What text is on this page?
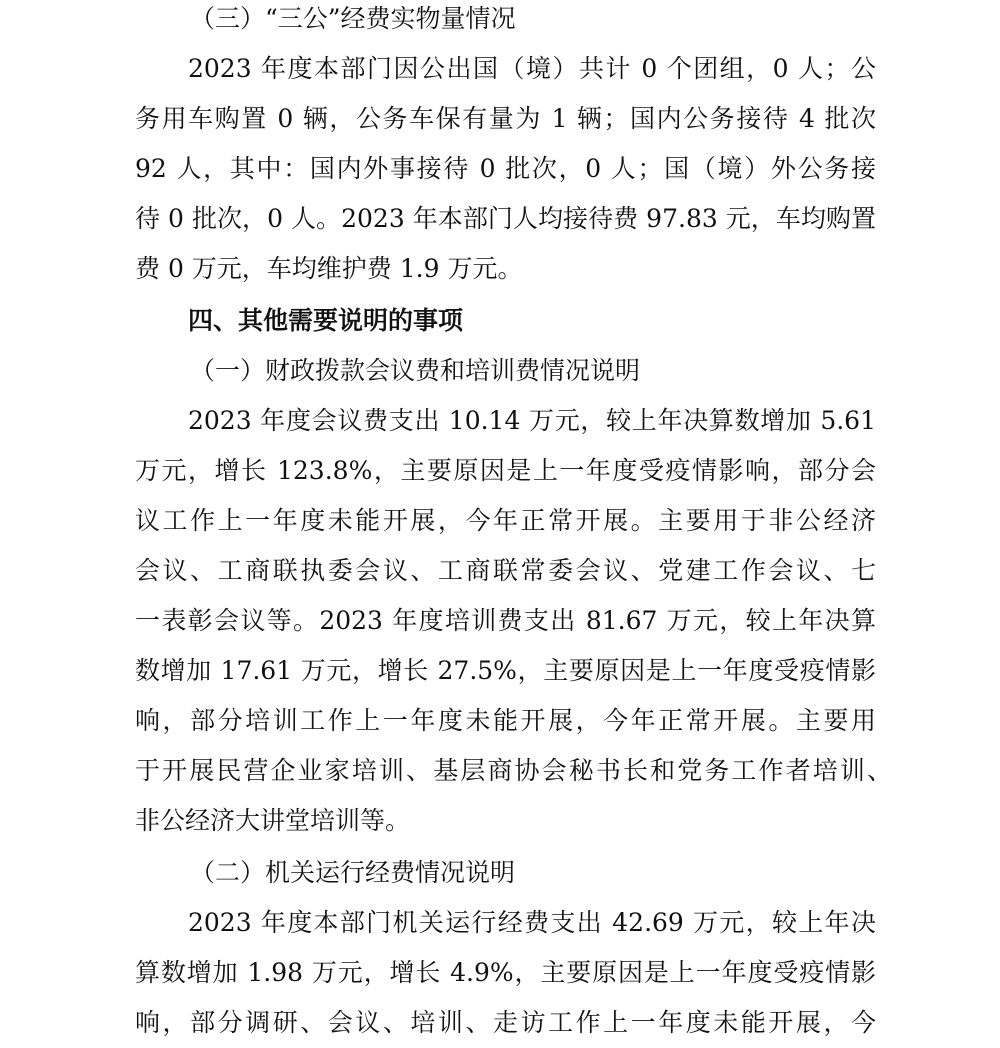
（三）“三公”经费实物量情况
2023 年度本部门因公出国（境）共计 0 个团组，0 人；公
务用车购置 0 辆，公务车保有量为 1 辆；国内公务接待 4 批次
92 人，其中：国内外事接待 0 批次，0 人；国（境）外公务接
待 0 批次，0 人。2023 年本部门人均接待费 97.83 元，车均购置
费 0 万元，车均维护费 1.9 万元。
四、其他需要说明的事项
（一）财政拨款会议费和培训费情况说明
2023 年度会议费支出 10.14 万元，较上年决算数增加 5.61
万元，增长 123.8%，主要原因是上一年度受疫情影响，部分会
议工作上一年度未能开展，今年正常开展。主要用于非公经济
会议、工商联执委会议、工商联常委会议、党建工作会议、七
一表彰会议等。2023 年度培训费支出 81.67 万元，较上年决算
数增加 17.61 万元，增长 27.5%，主要原因是上一年度受疫情影
响，部分培训工作上一年度未能开展，今年正常开展。主要用
于开展民营企业家培训、基层商协会秘书长和党务工作者培训、
非公经济大讲堂培训等。
（二）机关运行经费情况说明
2023 年度本部门机关运行经费支出 42.69 万元，较上年决
算数增加 1.98 万元，增长 4.9%，主要原因是上一年度受疫情影
响，部分调研、会议、培训、走访工作上一年度未能开展，今
